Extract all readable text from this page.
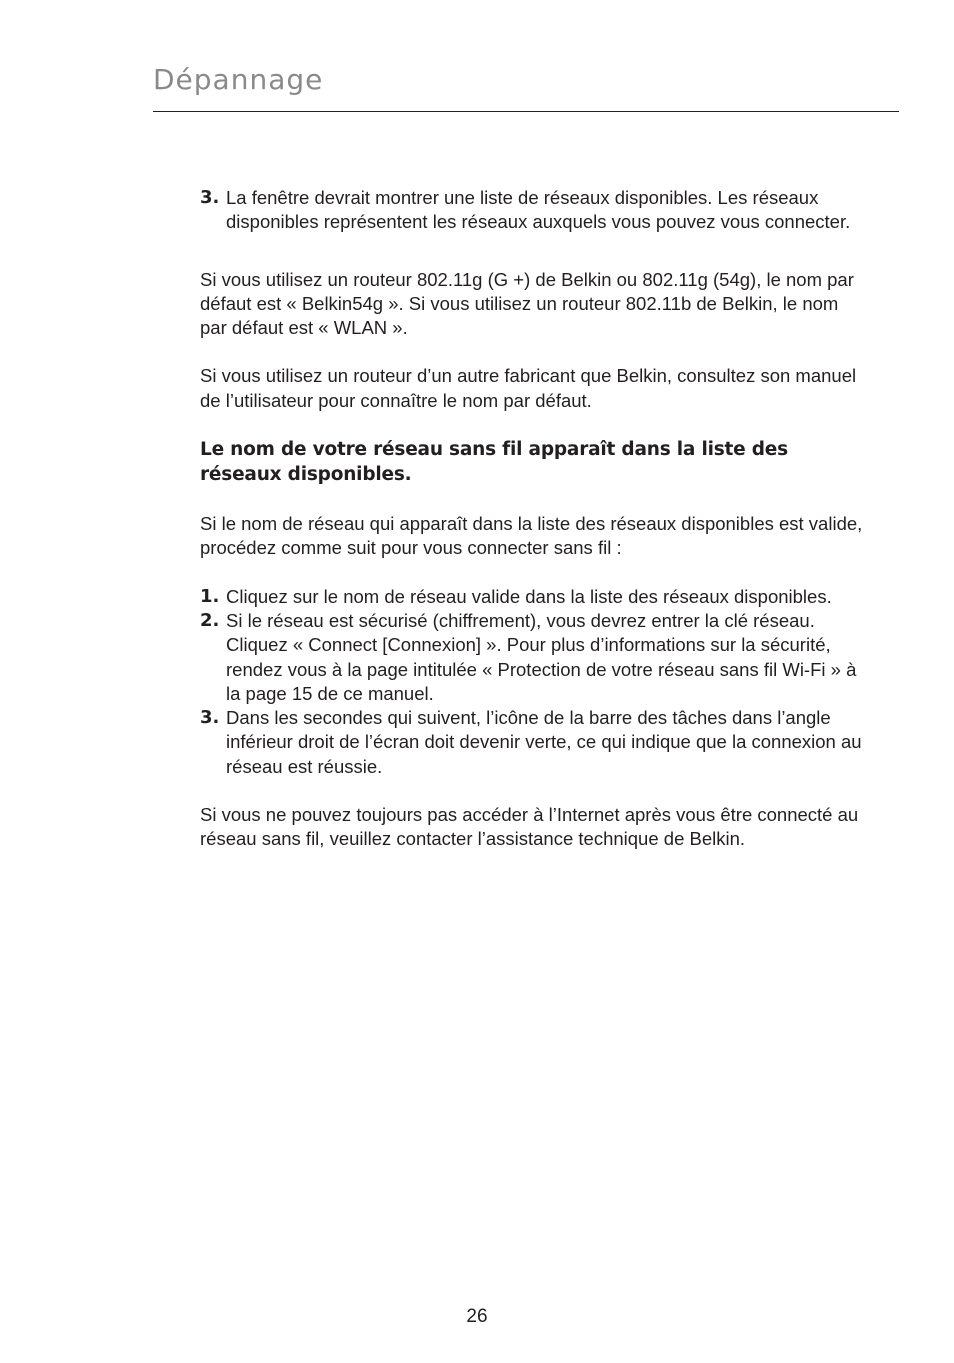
Dépannage
3. La fenêtre devrait montrer une liste de réseaux disponibles. Les réseaux disponibles représentent les réseaux auxquels vous pouvez vous connecter.

Si vous utilisez un routeur 802.11g (G +) de Belkin ou 802.11g (54g), le nom par défaut est « Belkin54g ». Si vous utilisez un routeur 802.11b de Belkin, le nom par défaut est « WLAN ».

Si vous utilisez un routeur d’un autre fabricant que Belkin, consultez son manuel de l’utilisateur pour connaître le nom par défaut.

Le nom de votre réseau sans fil apparaît dans la liste des réseaux disponibles.

Si le nom de réseau qui apparaît dans la liste des réseaux disponibles est valide, procédez comme suit pour vous connecter sans fil :

1. Cliquez sur le nom de réseau valide dans la liste des réseaux disponibles.
2. Si le réseau est sécurisé (chiffrement), vous devrez entrer la clé réseau. Cliquez « Connect [Connexion] ». Pour plus d’informations sur la sécurité, rendez vous à la page intitulée « Protection de votre réseau sans fil Wi-Fi » à la page 15 de ce manuel.
3. Dans les secondes qui suivent, l’icône de la barre des tâches dans l’angle inférieur droit de l’écran doit devenir verte, ce qui indique que la connexion au réseau est réussie.

Si vous ne pouvez toujours pas accéder à l’Internet après vous être connecté au réseau sans fil, veuillez contacter l’assistance technique de Belkin.

26
